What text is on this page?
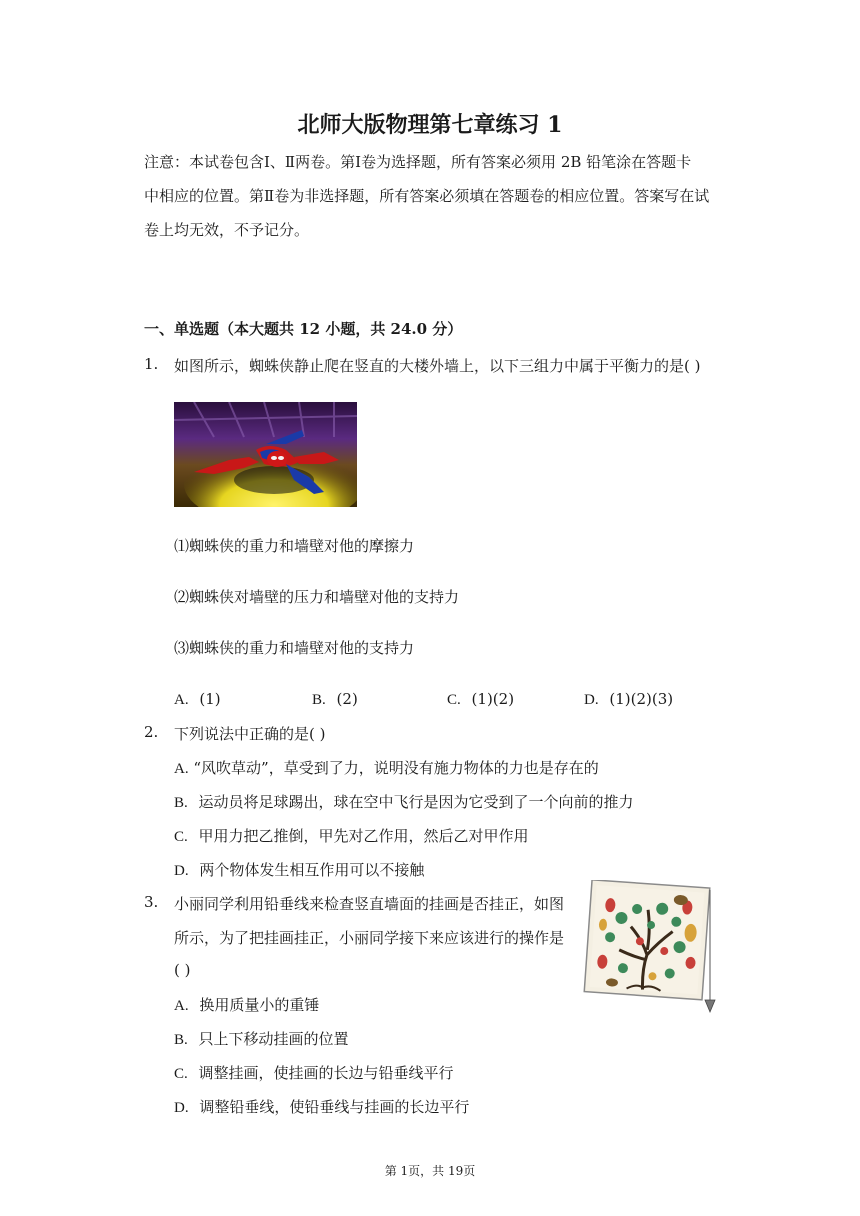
北师大版物理第七章练习 1
注意：本试卷包含Ⅰ、Ⅱ两卷。第Ⅰ卷为选择题，所有答案必须用 2B 铅笔涂在答题卡
中相应的位置。第Ⅱ卷为非选择题，所有答案必须填在答题卷的相应位置。答案写在试
卷上均无效，不予记分。
一、单选题（本大题共 12 小题，共 24.0 分）
1. 如图所示，蜘蛛侠静止爬在竖直的大楼外墙上，以下三组力中属于平衡力的是( )
⑴蜘蛛侠的重力和墙壁对他的摩擦力
⑵蜘蛛侠对墙壁的压力和墙壁对他的支持力
⑶蜘蛛侠的重力和墙壁对他的支持力
A. (1)	B. (2)	C. (1)(2)	D. (1)(2)(3)
2. 下列说法中正确的是( )
A. “风吹草动”，草受到了力，说明没有施力物体的力也是存在的
B. 运动员将足球踢出，球在空中飞行是因为它受到了一个向前的推力
C. 甲用力把乙推倒，甲先对乙作用，然后乙对甲作用
D. 两个物体发生相互作用可以不接触
3. 小丽同学利用铅垂线来检查竖直墙面的挂画是否挂正，如图
所示，为了把挂画挂正，小丽同学接下来应该进行的操作是
( )
A. 换用质量小的重锤
B. 只上下移动挂画的位置
C. 调整挂画，使挂画的长边与铅垂线平行
D. 调整铅垂线，使铅垂线与挂画的长边平行
第 1页，共 19页
